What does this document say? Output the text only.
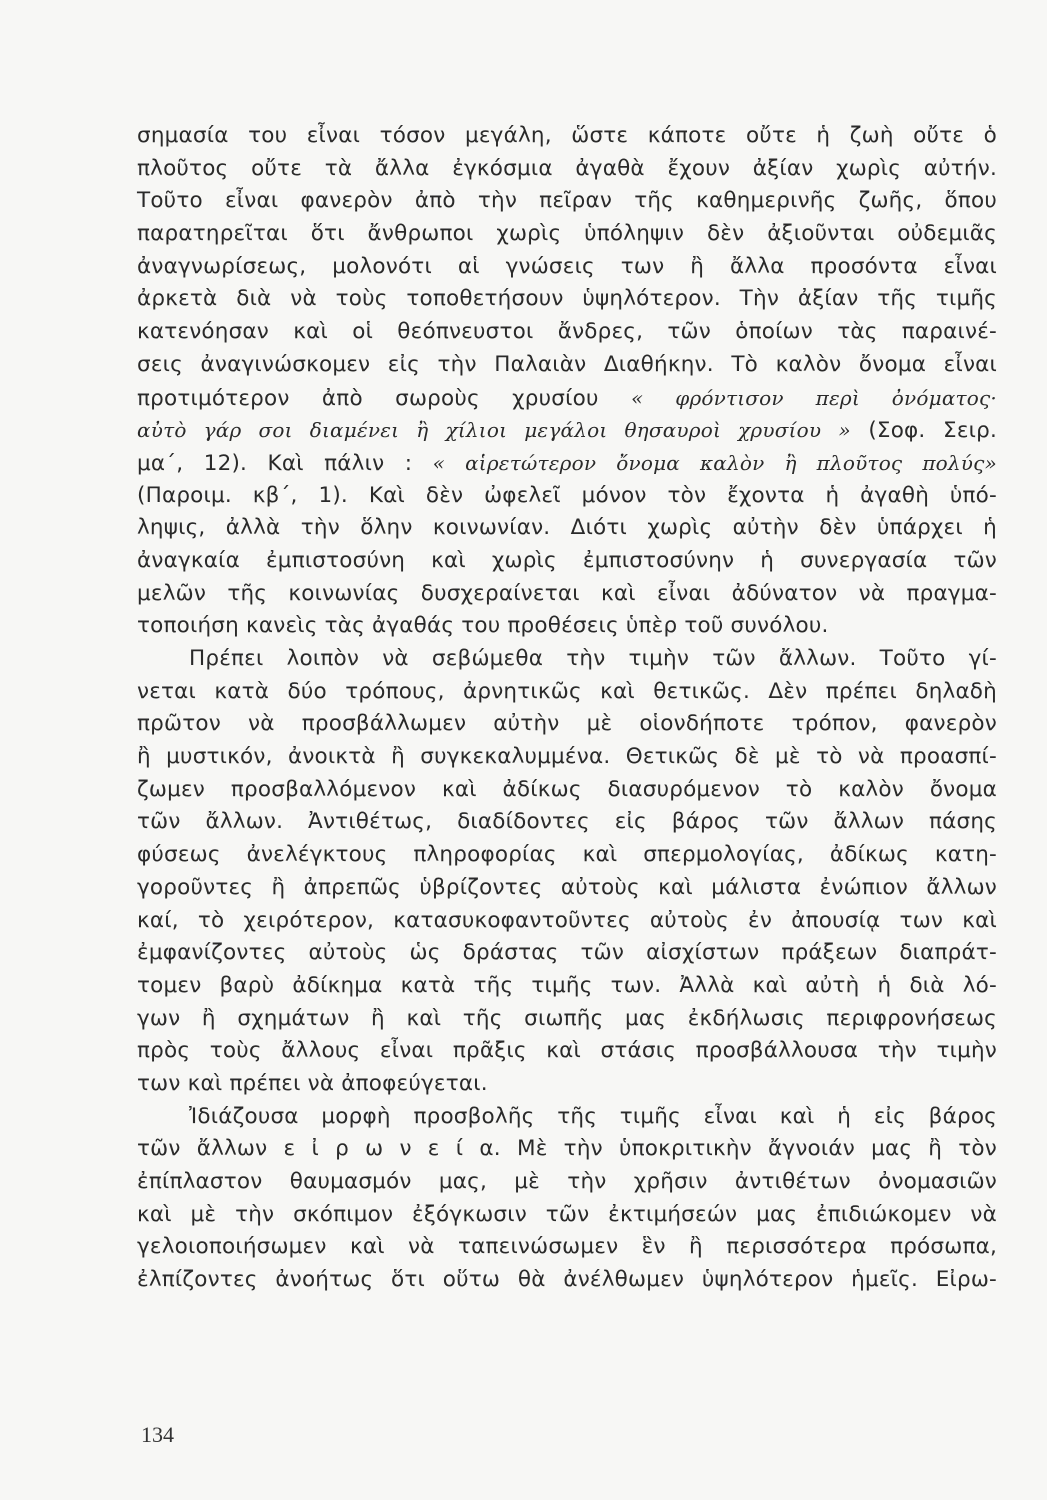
σημασία του εἶναι τόσον μεγάλη, ὥστε κάποτε οὔτε ἡ ζωὴ οὔτε ὁ
πλοῦτος οὔτε τὰ ἄλλα ἐγκόσμια ἀγαθὰ ἔχουν ἀξίαν χωρὶς αὐτήν.
Τοῦτο εἶναι φανερὸν ἀπὸ τὴν πεῖραν τῆς καθημερινῆς ζωῆς, ὅπου
παρατηρεῖται ὅτι ἄνθρωποι χωρὶς ὑπόληψιν δὲν ἀξιοῦνται οὐδεμιᾶς
ἀναγνωρίσεως, μολονότι αἱ γνώσεις των ἢ ἄλλα προσόντα εἶναι
ἀρκετὰ διὰ νὰ τοὺς τοποθετήσουν ὑψηλότερον. Τὴν ἀξίαν τῆς τιμῆς
κατενόησαν καὶ οἱ θεόπνευστοι ἄνδρες, τῶν ὁποίων τὰς παραινέ-
σεις ἀναγινώσκομεν εἰς τὴν Παλαιὰν Διαθήκην. Τὸ καλὸν ὄνομα εἶναι
προτιμότερον ἀπὸ σωροὺς χρυσίου « φρόντισον περὶ ὀνόματος·
αὐτὸ γάρ σοι διαμένει ἢ χίλιοι μεγάλοι θησαυροὶ χρυσίου » (Σοφ. Σειρ.
μα΄, 12). Καὶ πάλιν : « αἱρετώτερον ὄνομα καλὸν ἢ πλοῦτος πολύς»
(Παροιμ. κβ΄, 1). Καὶ δὲν ὠφελεῖ μόνον τὸν ἔχοντα ἡ ἀγαθὴ ὑπό-
ληψις, ἀλλὰ τὴν ὅλην κοινωνίαν. Διότι χωρὶς αὐτὴν δὲν ὑπάρχει ἡ
ἀναγκαία ἐμπιστοσύνη καὶ χωρὶς ἐμπιστοσύνην ἡ συνεργασία τῶν
μελῶν τῆς κοινωνίας δυσχεραίνεται καὶ εἶναι ἀδύνατον νὰ πραγμα-
τοποιήση κανεὶς τὰς ἀγαθάς του προθέσεις ὑπὲρ τοῦ συνόλου.
Πρέπει λοιπὸν νὰ σεβώμεθα τὴν τιμὴν τῶν ἄλλων. Τοῦτο γί-
νεται κατὰ δύο τρόπους, ἀρνητικῶς καὶ θετικῶς. Δὲν πρέπει δηλαδὴ
πρῶτον νὰ προσβάλλωμεν αὐτὴν μὲ οἱονδήποτε τρόπον, φανερὸν
ἢ μυστικόν, ἀνοικτὰ ἢ συγκεκαλυμμένα. Θετικῶς δὲ μὲ τὸ νὰ προασπί-
ζωμεν προσβαλλόμενον καὶ ἀδίκως διασυρόμενον τὸ καλὸν ὄνομα
τῶν ἄλλων. Ἀντιθέτως, διαδίδοντες εἰς βάρος τῶν ἄλλων πάσης
φύσεως ἀνελέγκτους πληροφορίας καὶ σπερμολογίας, ἀδίκως κατη-
γοροῦντες ἢ ἀπρεπῶς ὑβρίζοντες αὐτοὺς καὶ μάλιστα ἐνώπιον ἄλλων
καί, τὸ χειρότερον, κατασυκοφαντοῦντες αὐτοὺς ἐν ἀπουσίᾳ των καὶ
ἐμφανίζοντες αὐτοὺς ὡς δράστας τῶν αἰσχίστων πράξεων διαπράτ-
τομεν βαρὺ ἀδίκημα κατὰ τῆς τιμῆς των. Ἀλλὰ καὶ αὐτὴ ἡ διὰ λό-
γων ἢ σχημάτων ἢ καὶ τῆς σιωπῆς μας ἐκδήλωσις περιφρονήσεως
πρὸς τοὺς ἄλλους εἶναι πρᾶξις καὶ στάσις προσβάλλουσα τὴν τιμὴν
των καὶ πρέπει νὰ ἀποφεύγεται.
Ἰδιάζουσα μορφὴ προσβολῆς τῆς τιμῆς εἶναι καὶ ἡ εἰς βάρος
τῶν ἄλλων ε ἰ ρ ω ν ε ί α. Μὲ τὴν ὑποκριτικὴν ἄγνοιάν μας ἢ τὸν
ἐπίπλαστον θαυμασμόν μας, μὲ τὴν χρῆσιν ἀντιθέτων ὀνομασιῶν
καὶ μὲ τὴν σκόπιμον ἐξόγκωσιν τῶν ἐκτιμήσεών μας ἐπιδιώκομεν νὰ
γελοιοποιήσωμεν καὶ νὰ ταπεινώσωμεν ἓν ἢ περισσότερα πρόσωπα,
ἐλπίζοντες ἀνοήτως ὅτι οὕτω θὰ ἀνέλθωμεν ὑψηλότερον ἡμεῖς. Εἰρω-
134
